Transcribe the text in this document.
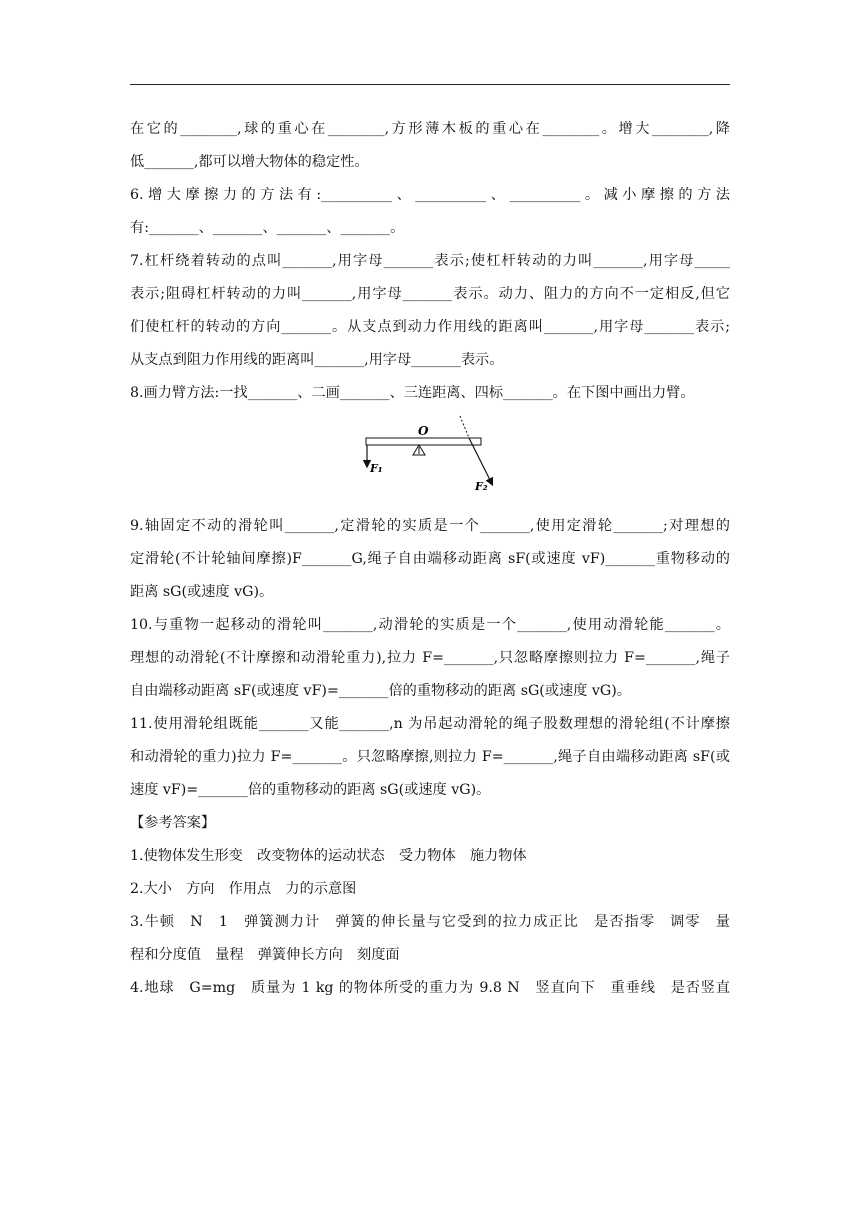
在它的________,球的重心在________,方形薄木板的重心在________。增大________,降
低_______,都可以增大物体的稳定性。
6.增大摩擦力的方法有:__________、__________、__________。减小摩擦的方法
有:_______、_______、_______、_______。
7.杠杆绕着转动的点叫_______,用字母_______表示;使杠杆转动的力叫_______,用字母_____
表示;阻碍杠杆转动的力叫_______,用字母_______表示。动力、阻力的方向不一定相反,但它
们使杠杆的转动的方向_______。从支点到动力作用线的距离叫_______,用字母_______表示;
从支点到阻力作用线的距离叫_______,用字母_______表示。
8.画力臂方法:一找_______、二画_______、三连距离、四标_______。在下图中画出力臂。
O
F₁
F₂
9.轴固定不动的滑轮叫_______,定滑轮的实质是一个_______,使用定滑轮_______;对理想的
定滑轮(不计轮轴间摩擦)F_______G,绳子自由端移动距离 sF(或速度 vF)_______重物移动的
距离 sG(或速度 vG)。
10.与重物一起移动的滑轮叫_______,动滑轮的实质是一个_______,使用动滑轮能_______。
理想的动滑轮(不计摩擦和动滑轮重力),拉力 F=_______,只忽略摩擦则拉力 F=_______,绳子
自由端移动距离 sF(或速度 vF)=_______倍的重物移动的距离 sG(或速度 vG)。
11.使用滑轮组既能_______又能_______,n 为吊起动滑轮的绳子股数理想的滑轮组(不计摩擦
和动滑轮的重力)拉力 F=_______。只忽略摩擦,则拉力 F=_______,绳子自由端移动距离 sF(或
速度 vF)=_______倍的重物移动的距离 sG(或速度 vG)。
【参考答案】
1.使物体发生形变　改变物体的运动状态　受力物体　施力物体
2.大小　方向　作用点　力的示意图
3.牛顿　N　1　弹簧测力计　弹簧的伸长量与它受到的拉力成正比　是否指零　调零　量
程和分度值　量程　弹簧伸长方向　刻度面
4.地球　G=mg　质量为 1 kg 的物体所受的重力为 9.8 N　竖直向下　重垂线　是否竖直
